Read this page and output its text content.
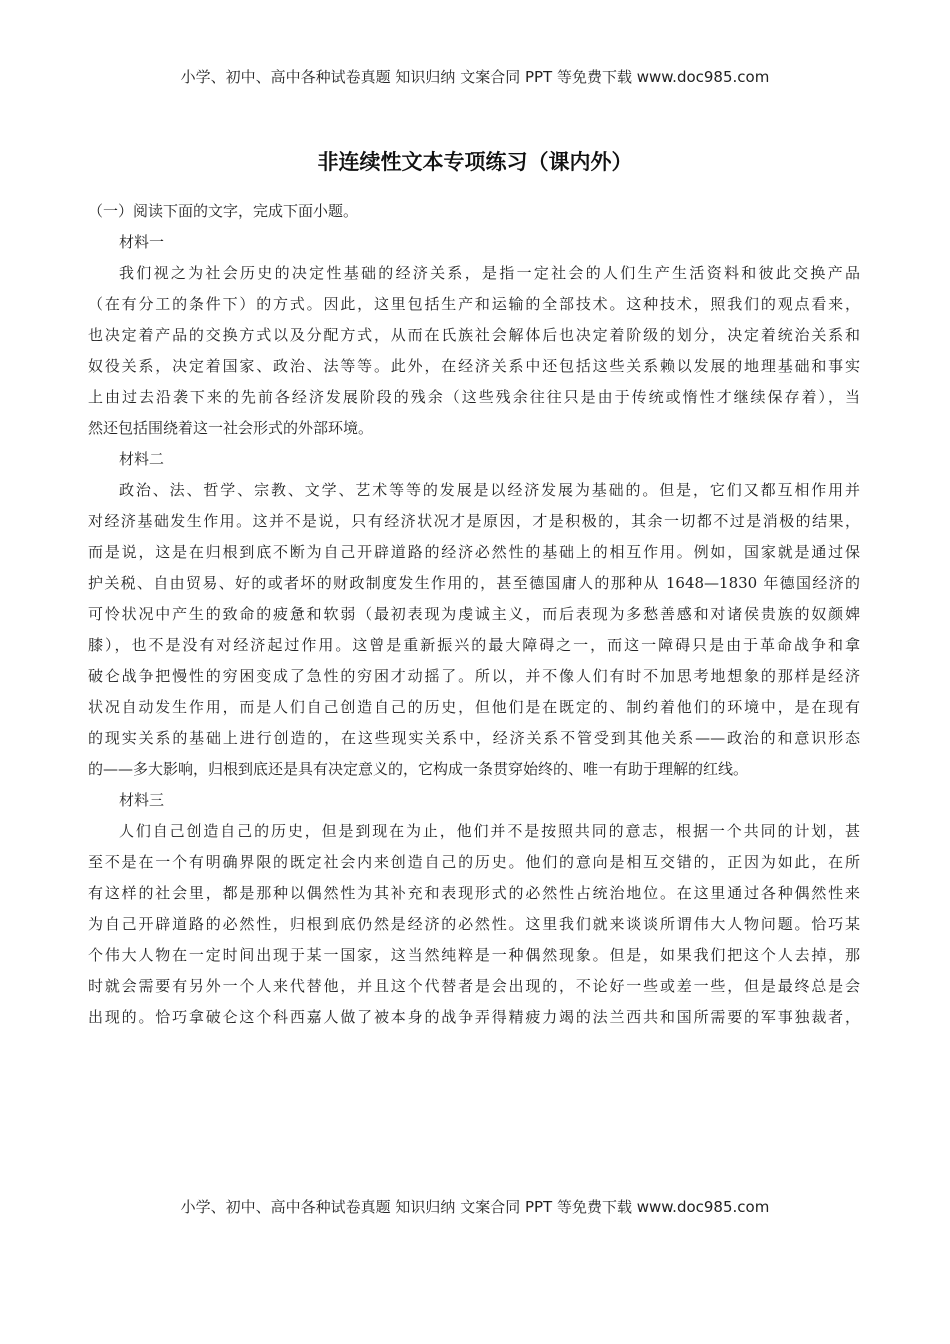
小学、初中、高中各种试卷真题 知识归纳 文案合同 PPT 等免费下载 www.doc985.com
非连续性文本专项练习（课内外）
（一）阅读下面的文字，完成下面小题。
材料一
我们视之为社会历史的决定性基础的经济关系，是指一定社会的人们生产生活资料和彼此交换产品
（在有分工的条件下）的方式。因此，这里包括生产和运输的全部技术。这种技术，照我们的观点看来，
也决定着产品的交换方式以及分配方式，从而在氏族社会解体后也决定着阶级的划分，决定着统治关系和
奴役关系，决定着国家、政治、法等等。此外，在经济关系中还包括这些关系赖以发展的地理基础和事实
上由过去沿袭下来的先前各经济发展阶段的残余（这些残余往往只是由于传统或惰性才继续保存着），当
然还包括围绕着这一社会形式的外部环境。
材料二
政治、法、哲学、宗教、文学、艺术等等的发展是以经济发展为基础的。但是，它们又都互相作用并
对经济基础发生作用。这并不是说，只有经济状况才是原因，才是积极的，其余一切都不过是消极的结果，
而是说，这是在归根到底不断为自己开辟道路的经济必然性的基础上的相互作用。例如，国家就是通过保
护关税、自由贸易、好的或者坏的财政制度发生作用的，甚至德国庸人的那种从 1648—1830 年德国经济的
可怜状况中产生的致命的疲惫和软弱（最初表现为虔诚主义，而后表现为多愁善感和对诸侯贵族的奴颜婢
膝），也不是没有对经济起过作用。这曾是重新振兴的最大障碍之一，而这一障碍只是由于革命战争和拿
破仑战争把慢性的穷困变成了急性的穷困才动摇了。所以，并不像人们有时不加思考地想象的那样是经济
状况自动发生作用，而是人们自己创造自己的历史，但他们是在既定的、制约着他们的环境中，是在现有
的现实关系的基础上进行创造的，在这些现实关系中，经济关系不管受到其他关系——政治的和意识形态
的——多大影响，归根到底还是具有决定意义的，它构成一条贯穿始终的、唯一有助于理解的红线。
材料三
人们自己创造自己的历史，但是到现在为止，他们并不是按照共同的意志，根据一个共同的计划，甚
至不是在一个有明确界限的既定社会内来创造自己的历史。他们的意向是相互交错的，正因为如此，在所
有这样的社会里，都是那种以偶然性为其补充和表现形式的必然性占统治地位。在这里通过各种偶然性来
为自己开辟道路的必然性，归根到底仍然是经济的必然性。这里我们就来谈谈所谓伟大人物问题。恰巧某
个伟大人物在一定时间出现于某一国家，这当然纯粹是一种偶然现象。但是，如果我们把这个人去掉，那
时就会需要有另外一个人来代替他，并且这个代替者是会出现的，不论好一些或差一些，但是最终总是会
出现的。恰巧拿破仑这个科西嘉人做了被本身的战争弄得精疲力竭的法兰西共和国所需要的军事独裁者，
小学、初中、高中各种试卷真题 知识归纳 文案合同 PPT 等免费下载 www.doc985.com
